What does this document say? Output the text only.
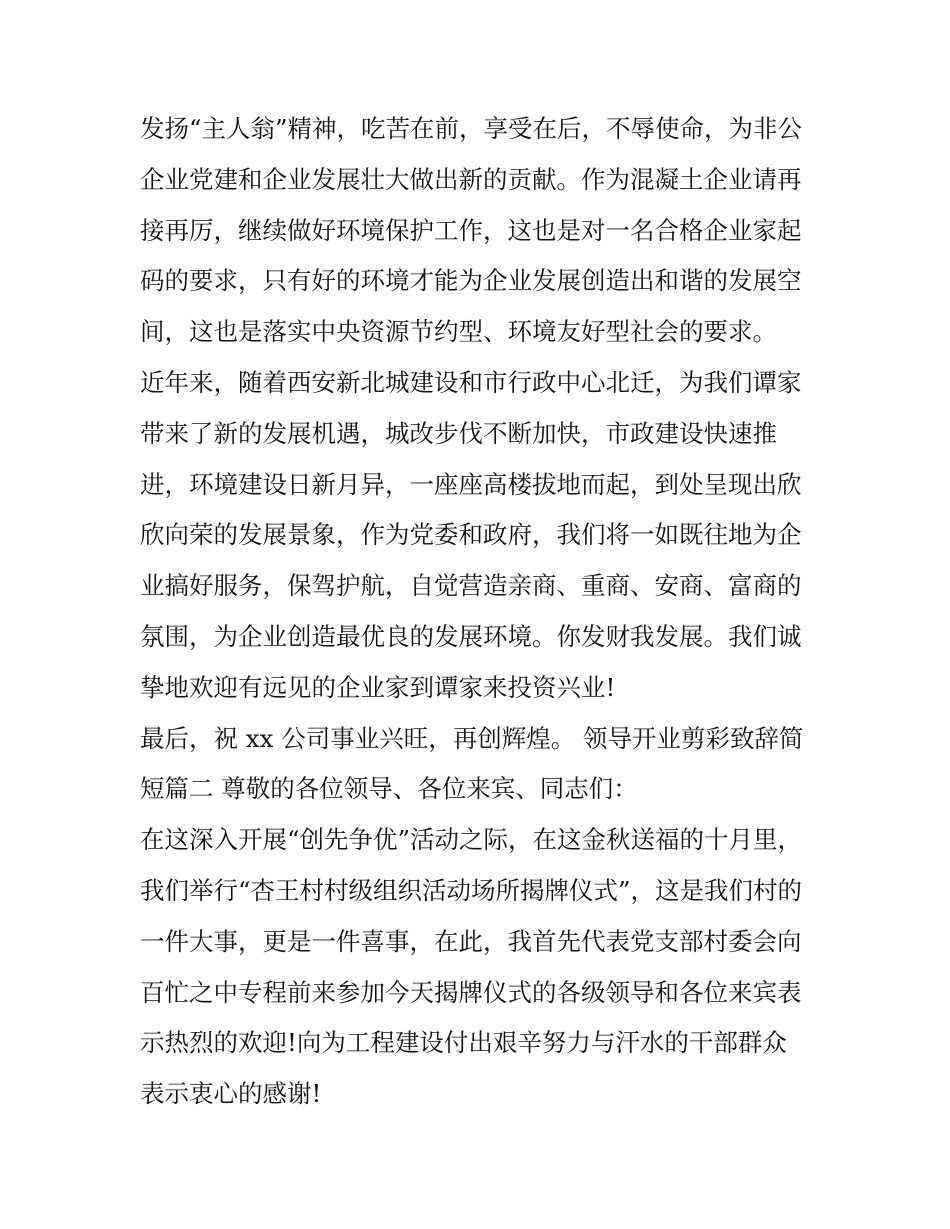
发扬“主人翁”精神，吃苦在前，享受在后，不辱使命，为非公
企业党建和企业发展壮大做出新的贡献。作为混凝土企业请再
接再厉，继续做好环境保护工作，这也是对一名合格企业家起
码的要求，只有好的环境才能为企业发展创造出和谐的发展空
间，这也是落实中央资源节约型、环境友好型社会的要求。
近年来，随着西安新北城建设和市行政中心北迁，为我们谭家
带来了新的发展机遇，城改步伐不断加快，市政建设快速推
进，环境建设日新月异，一座座高楼拔地而起，到处呈现出欣
欣向荣的发展景象，作为党委和政府，我们将一如既往地为企
业搞好服务，保驾护航，自觉营造亲商、重商、安商、富商的
氛围，为企业创造最优良的发展环境。你发财我发展。我们诚
挚地欢迎有远见的企业家到谭家来投资兴业!
最后，祝 xx 公司事业兴旺，再创辉煌。 领导开业剪彩致辞简
短篇二 尊敬的各位领导、各位来宾、同志们：
在这深入开展“创先争优”活动之际，在这金秋送福的十月里，
我们举行“杏王村村级组织活动场所揭牌仪式”，这是我们村的
一件大事，更是一件喜事，在此，我首先代表党支部村委会向
百忙之中专程前来参加今天揭牌仪式的各级领导和各位来宾表
示热烈的欢迎!向为工程建设付出艰辛努力与汗水的干部群众
表示衷心的感谢!
